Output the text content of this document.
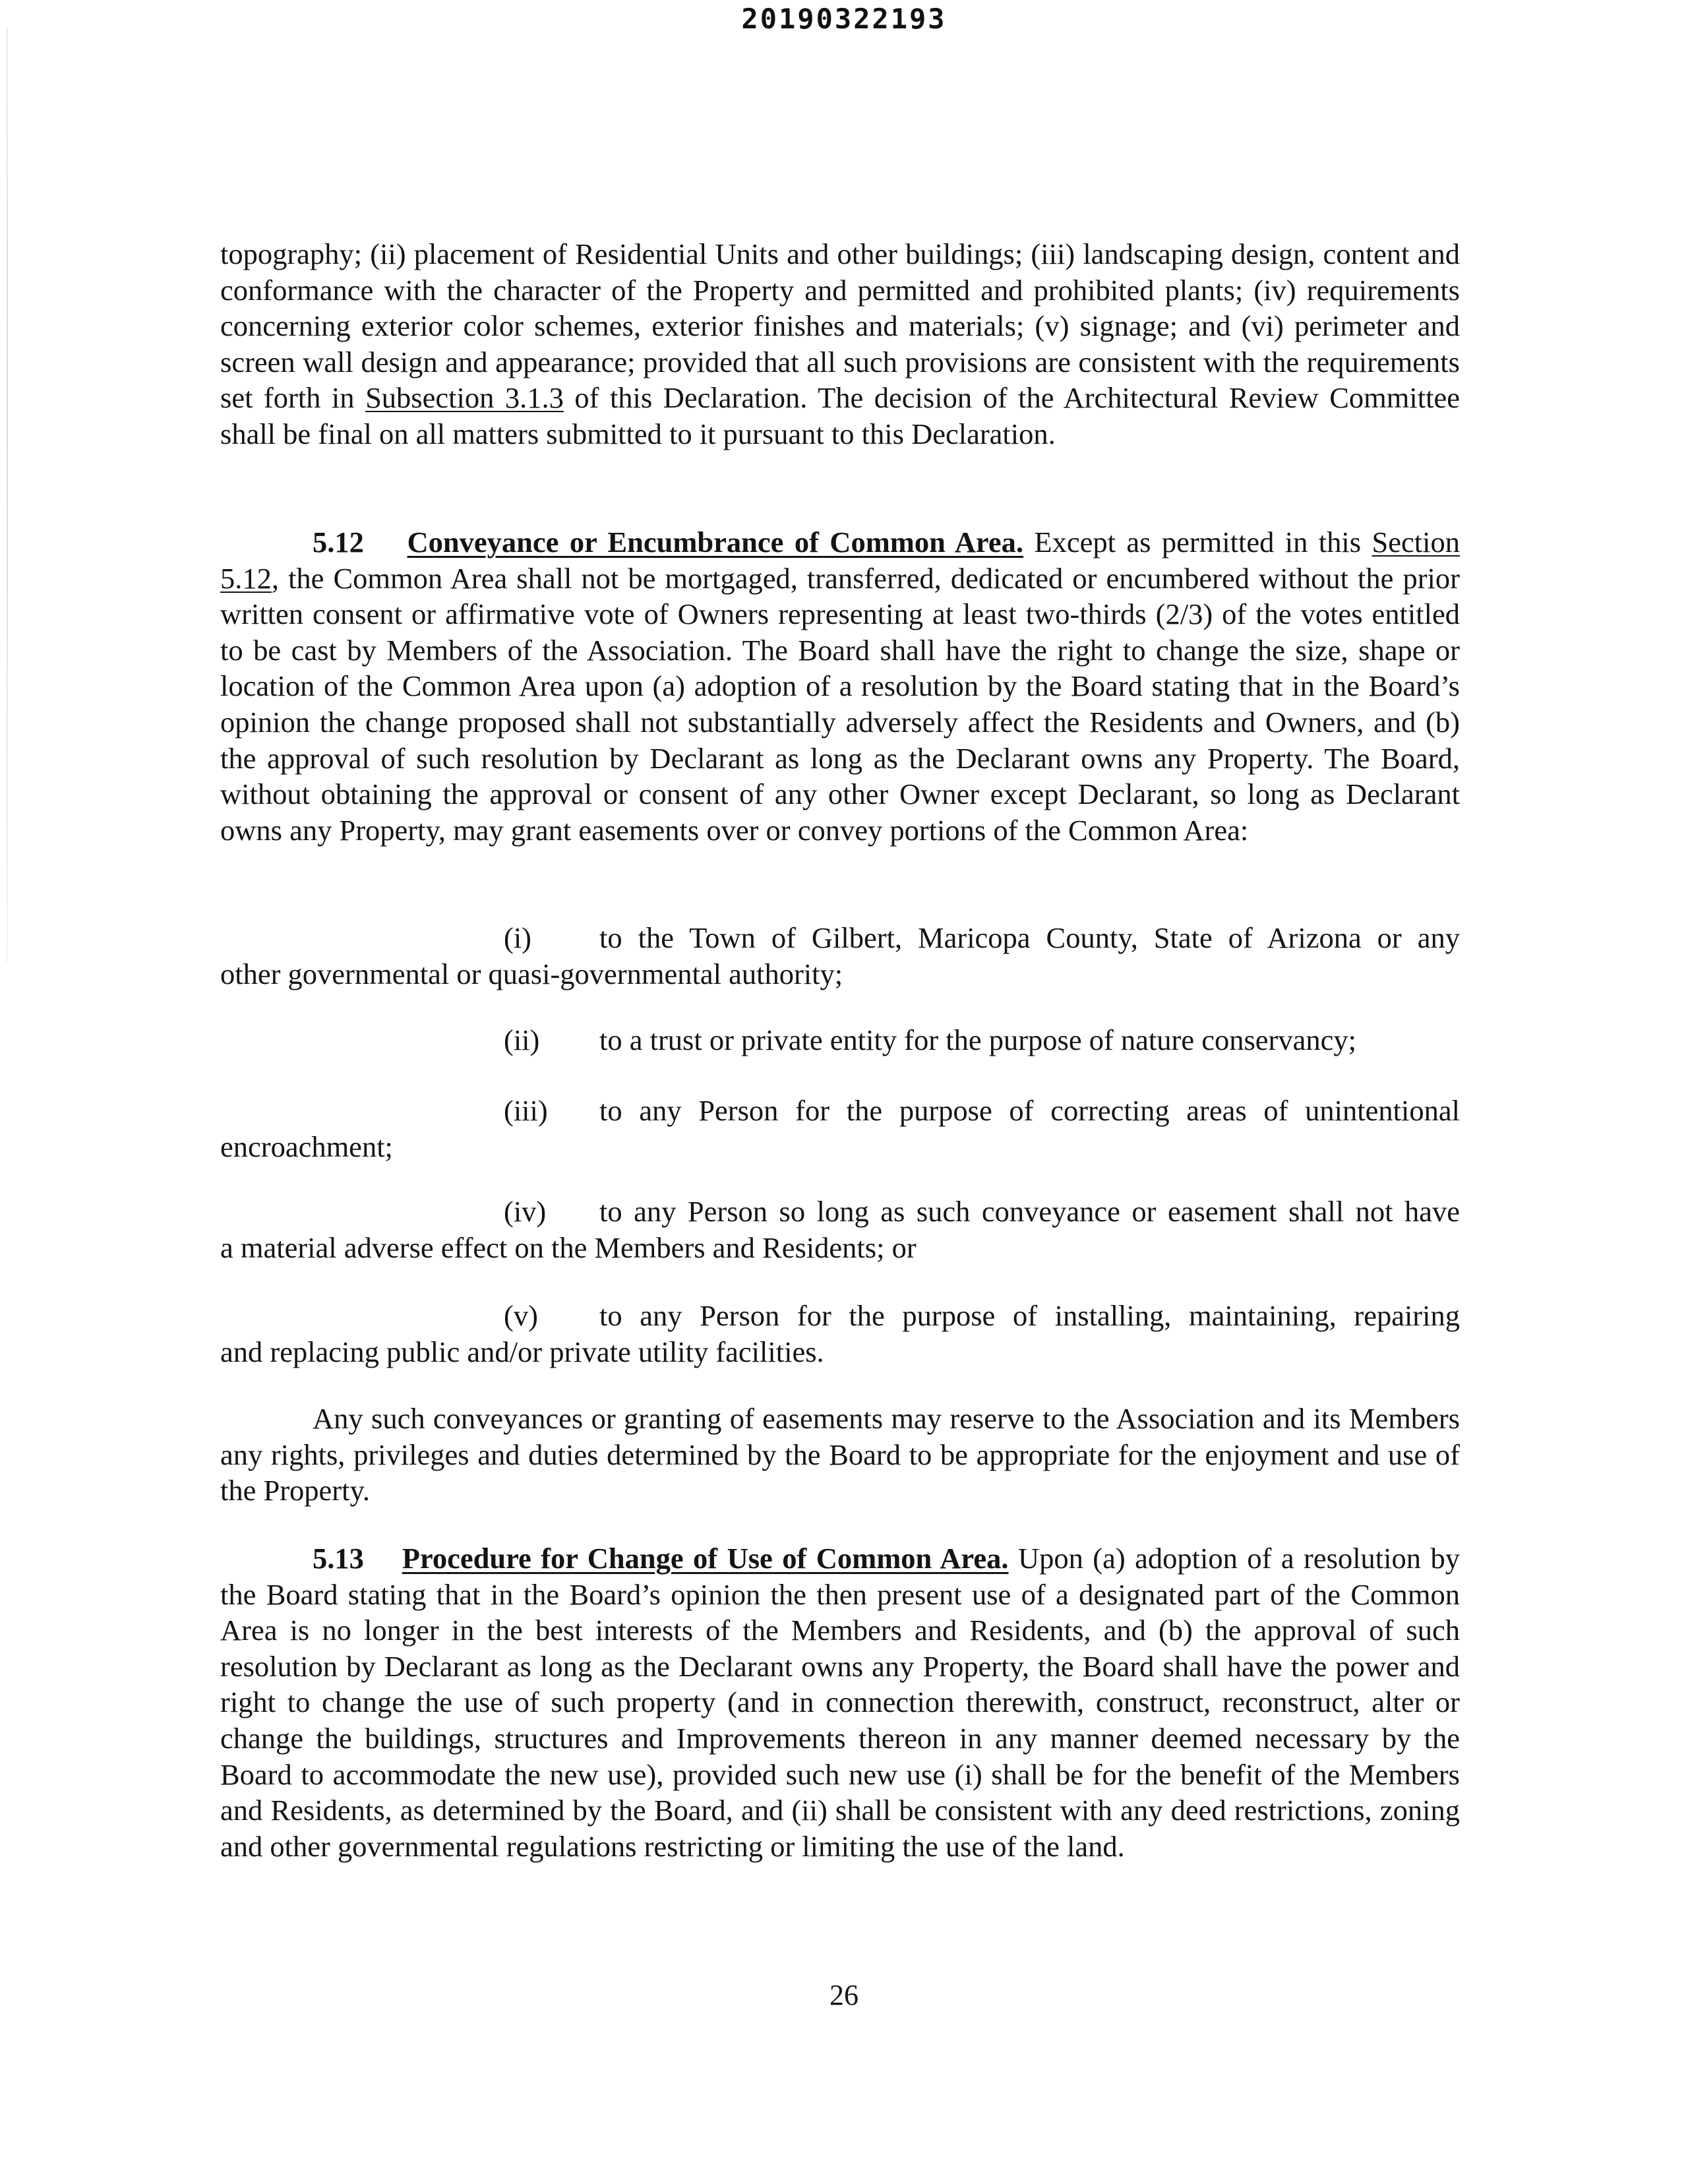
20190322193

topography; (ii) placement of Residential Units and other buildings; (iii) landscaping design, content and conformance with the character of the Property and permitted and prohibited plants; (iv) requirements concerning exterior color schemes, exterior finishes and materials; (v) signage; and (vi) perimeter and screen wall design and appearance; provided that all such provisions are consistent with the requirements set forth in Subsection 3.1.3 of this Declaration. The decision of the Architectural Review Committee shall be final on all matters submitted to it pursuant to this Declaration.

5.12 Conveyance or Encumbrance of Common Area. Except as permitted in this Section 5.12, the Common Area shall not be mortgaged, transferred, dedicated or encumbered without the prior written consent or affirmative vote of Owners representing at least two-thirds (2/3) of the votes entitled to be cast by Members of the Association. The Board shall have the right to change the size, shape or location of the Common Area upon (a) adoption of a resolution by the Board stating that in the Board’s opinion the change proposed shall not substantially adversely affect the Residents and Owners, and (b) the approval of such resolution by Declarant as long as the Declarant owns any Property. The Board, without obtaining the approval or consent of any other Owner except Declarant, so long as Declarant owns any Property, may grant easements over or convey portions of the Common Area:

(i) to the Town of Gilbert, Maricopa County, State of Arizona or any
other governmental or quasi-governmental authority;
(ii) to a trust or private entity for the purpose of nature conservancy;
(iii) to any Person for the purpose of correcting areas of unintentional
encroachment;
(iv) to any Person so long as such conveyance or easement shall not have
a material adverse effect on the Members and Residents; or
(v) to any Person for the purpose of installing, maintaining, repairing
and replacing public and/or private utility facilities.

Any such conveyances or granting of easements may reserve to the Association and its Members any rights, privileges and duties determined by the Board to be appropriate for the enjoyment and use of the Property.

5.13 Procedure for Change of Use of Common Area. Upon (a) adoption of a resolution by the Board stating that in the Board’s opinion the then present use of a designated part of the Common Area is no longer in the best interests of the Members and Residents, and (b) the approval of such resolution by Declarant as long as the Declarant owns any Property, the Board shall have the power and right to change the use of such property (and in connection therewith, construct, reconstruct, alter or change the buildings, structures and Improvements thereon in any manner deemed necessary by the Board to accommodate the new use), provided such new use (i) shall be for the benefit of the Members and Residents, as determined by the Board, and (ii) shall be consistent with any deed restrictions, zoning and other governmental regulations restricting or limiting the use of the land.

26
